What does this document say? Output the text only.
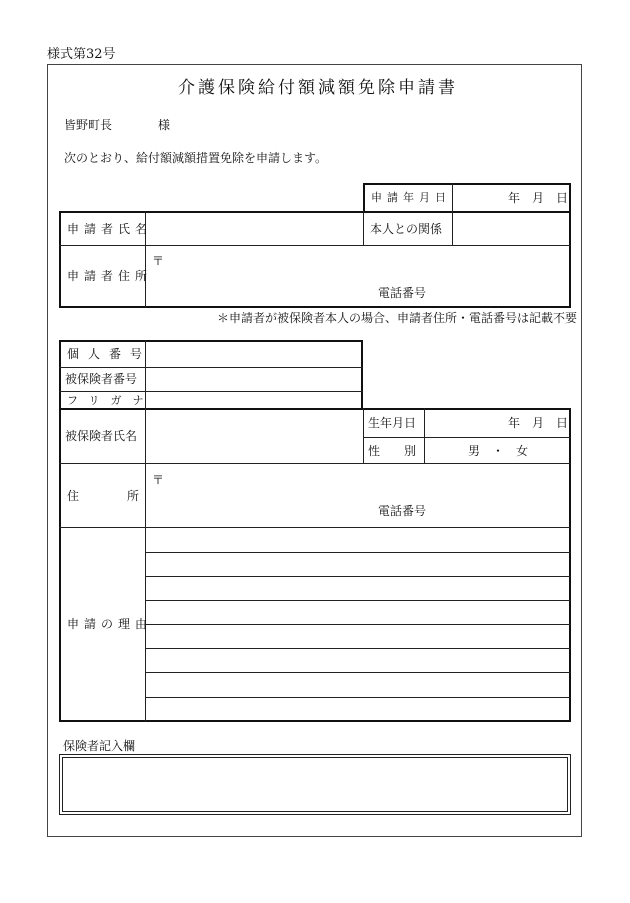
様式第32号
介護保険給付額減額免除申請書
皆野町長	様
次のとおり、給付額減額措置免除を申請します。
申請年月日	年　月　日
申請者氏名	本人との関係
申請者住所
〒
電話番号
＊申請者が被保険者本人の場合、申請者住所・電話番号は記載不要
個人番号
被保険者番号
フリガナ
被保険者氏名
生年月日	年　月　日
性　別	男　・　女
住　　　所
〒
電話番号
申請の理由
保険者記入欄
